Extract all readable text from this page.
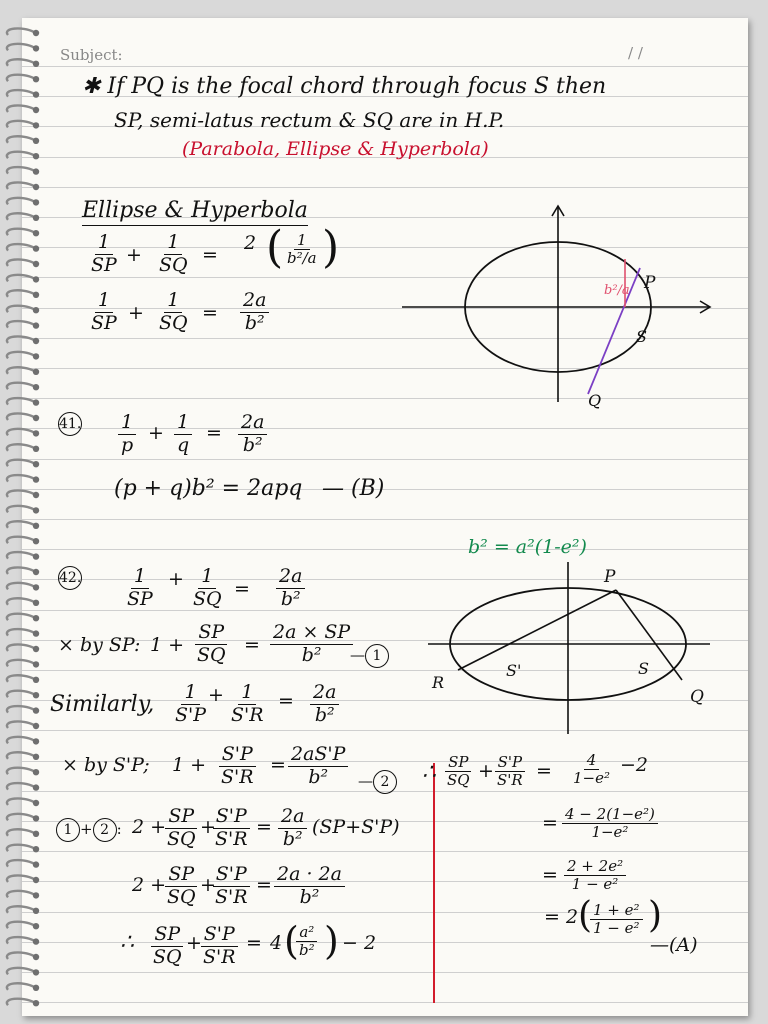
Subject:	/ /
✱ If PQ is the focal chord through focus S then
SP, semi-latus rectum & SQ are in H.P.
(Parabola, Ellipse & Hyperbola)
Ellipse & Hyperbola
$\frac{1}{SP} + \frac{1}{SQ}$ =
2 ( $\frac{1}{\text{b²/a}}$ )
$\frac{1}{SP} + \frac{1}{SQ} = \frac{2a}{\text{b²}}$
P
S
Q
b²/a
41. $\frac{1}{p} + \frac{1}{q} = \frac{2a}{\text{b²}}$
(p + q)b² = 2apq — (B)
b² = a²(1-e²)
42. $\frac{1}{SP} + \frac{1}{SQ} = \frac{2a}{\text{b²}}$
× by SP: $1 + \frac{SP}{SQ} = \frac{2a \times SP}{\text{b²}}$
— 1
Similarly, $\frac{1}{S'P}$
+ $\frac{1}{S'R} = \frac{2a}{\text{b²}}$
× by S'P; $1 + \frac{S'P}{S'R} = \frac{2aS'P}{\text{b²}}$ — 2
P
S'	S
R
Q
1 + 2 : 2 +
$\frac{SP}{SQ}$ +
$\frac{S'P}{S'R} = \frac{2a}{\text{b²}} (SP+S'P)$
2 +
$\frac{SP}{SQ}$ +
$\frac{S'P}{S'R} = \frac{2a \cdot 2a}{\text{b²}}$
∴ $\frac{SP}{SQ}$ +
$\frac{S'P}{S'R} = 4$ (
$\frac{\text{a²}}{\text{b²}}$ ) − 2
∴ $\frac{SP}{SQ} + \frac{S'P}{S'R} = \frac{4}{\text{1−e²}} -2$
= $\frac{\text{4 − 2(1−e²)}}{\text{1−e²}}$
= $\frac{\text{2 + 2e²}}{\text{1 − e²}}$
= 2 (
$\frac{\text{1 + e²}}{\text{1 − e²}}$ )
—(A)
